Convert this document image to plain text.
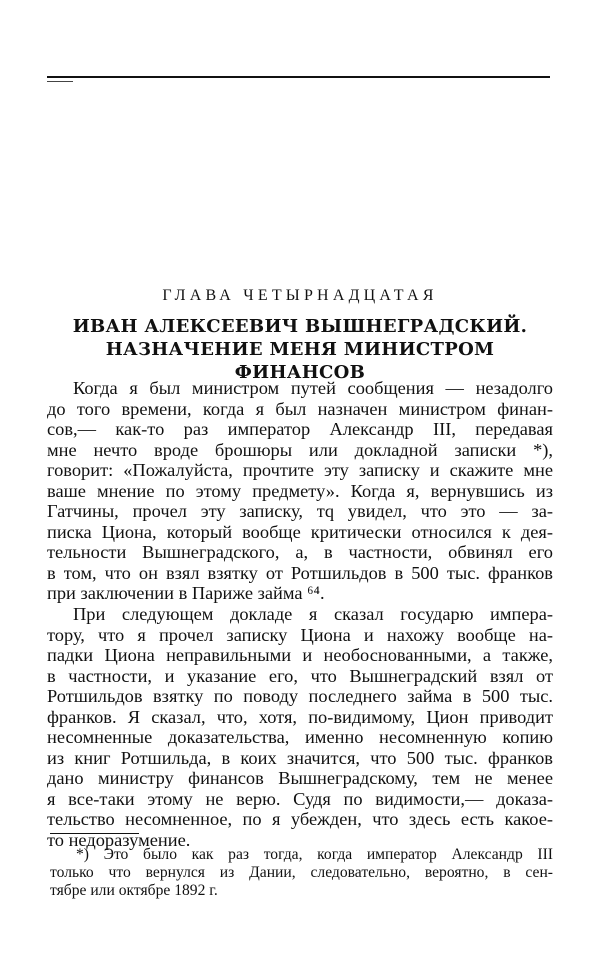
ГЛАВА ЧЕТЫРНАДЦАТАЯ
ИВАН АЛЕКСЕЕВИЧ ВЫШНЕГРАДСКИЙ.
НАЗНАЧЕНИЕ МЕНЯ МИНИСТРОМ ФИНАНСОВ
Когда я был министром путей сообщения — незадолго
до того времени, когда я был назначен министром финан-
сов,— как-то раз император Александр III, передавая
мне нечто вроде брошюры или докладной записки *),
говорит: «Пожалуйста, прочтите эту записку и скажите мне
ваше мнение по этому предмету». Когда я, вернувшись из
Гатчины, прочел эту записку, тq увидел, что это — за-
писка Циона, который вообще критически относился к дея-
тельности Вышнеградского, а, в частности, обвинял его
в том, что он взял взятку от Ротшильдов в 500 тыс. франков
при заключении в Париже займа ⁶⁴.
При следующем докладе я сказал государю импера-
тору, что я прочел записку Циона и нахожу вообще на-
падки Циона неправильными и необоснованными, а также,
в частности, и указание его, что Вышнеградский взял от
Ротшильдов взятку по поводу последнего займа в 500 тыс.
франков. Я сказал, что, хотя, по-видимому, Цион приводит
несомненные доказательства, именно несомненную копию
из книг Ротшильда, в коих значится, что 500 тыс. франков
дано министру финансов Вышнеградскому, тем не менее
я все-таки этому не верю. Судя по видимости,— доказа-
тельство несомненное, по я убежден, что здесь есть какое-
то недоразумение.
*) Это было как раз тогда, когда император Александр III
только что вернулся из Дании, следовательно, вероятно, в сен-
тябре или октябре 1892 г.
